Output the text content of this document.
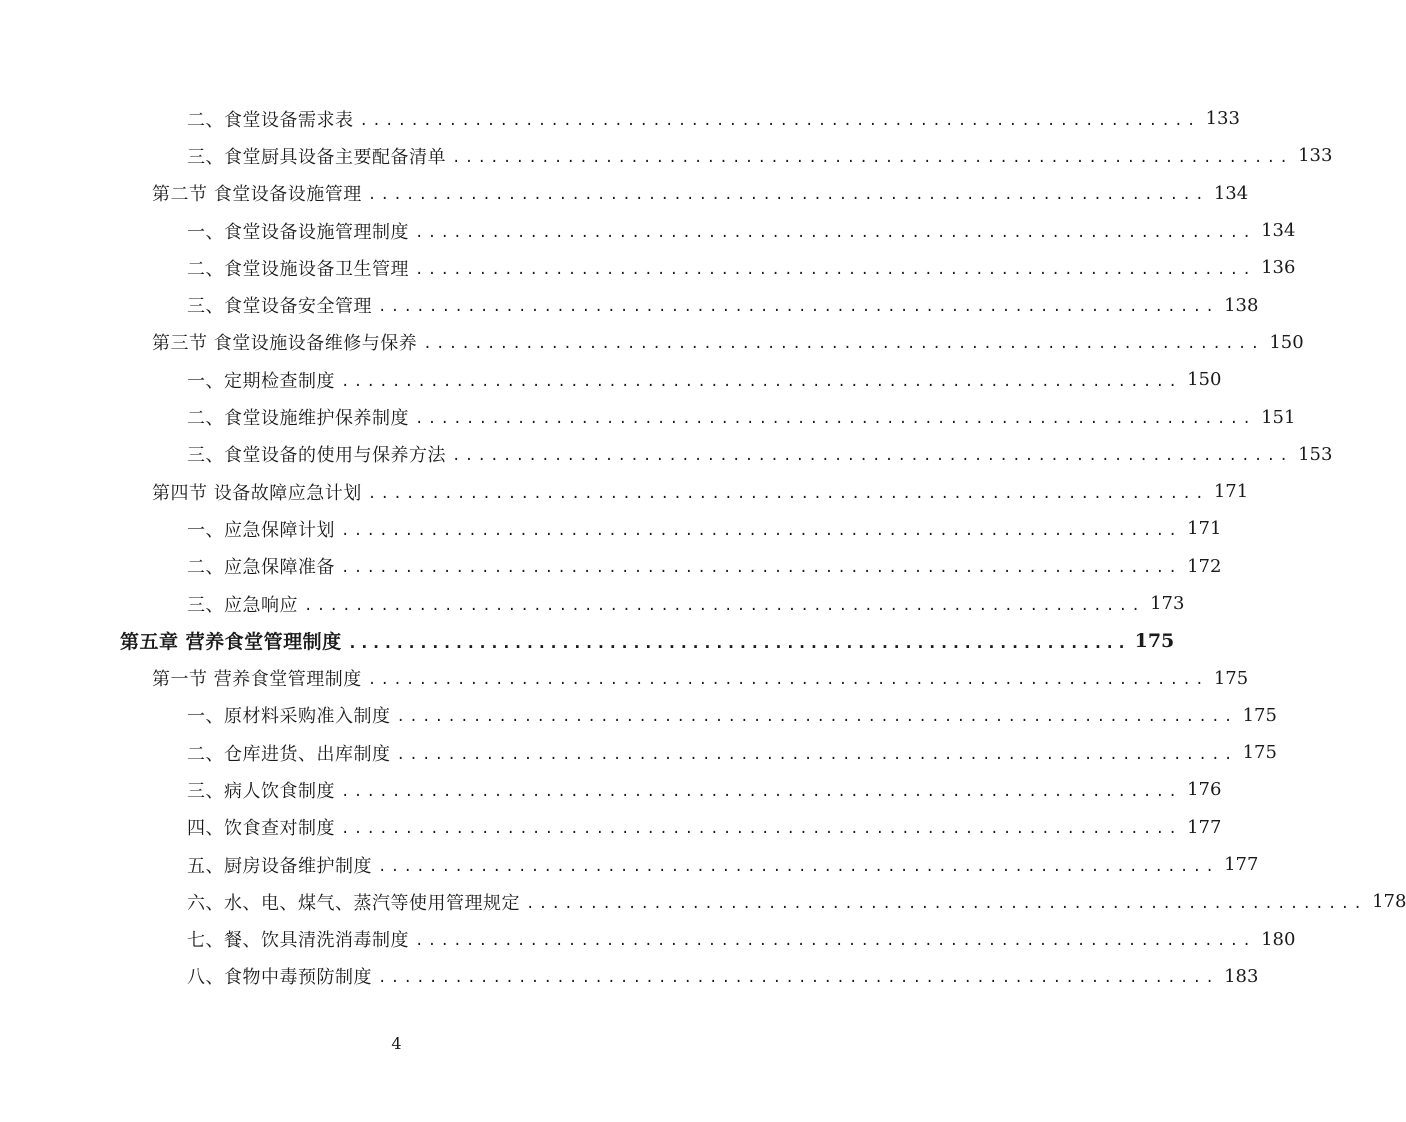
二、食堂设备需求表 .................................................................. 133
三、食堂厨具设备主要配备清单 .................................................................. 133
第二节 食堂设备设施管理 .................................................................. 134
一、食堂设备设施管理制度 .................................................................. 134
二、食堂设施设备卫生管理 .................................................................. 136
三、食堂设备安全管理 .................................................................. 138
第三节 食堂设施设备维修与保养 .................................................................. 150
一、定期检查制度 .................................................................. 150
二、食堂设施维护保养制度 .................................................................. 151
三、食堂设备的使用与保养方法 .................................................................. 153
第四节 设备故障应急计划 .................................................................. 171
一、应急保障计划 .................................................................. 171
二、应急保障准备 .................................................................. 172
三、应急响应 .................................................................. 173
第五章 营养食堂管理制度 .................................................................. 175
第一节 营养食堂管理制度 .................................................................. 175
一、原材料采购准入制度 .................................................................. 175
二、仓库进货、出库制度 .................................................................. 175
三、病人饮食制度 .................................................................. 176
四、饮食查对制度 .................................................................. 177
五、厨房设备维护制度 .................................................................. 177
六、水、电、煤气、蒸汽等使用管理规定 .................................................................. 178
七、餐、饮具清洗消毒制度 .................................................................. 180
八、食物中毒预防制度 .................................................................. 183
4
